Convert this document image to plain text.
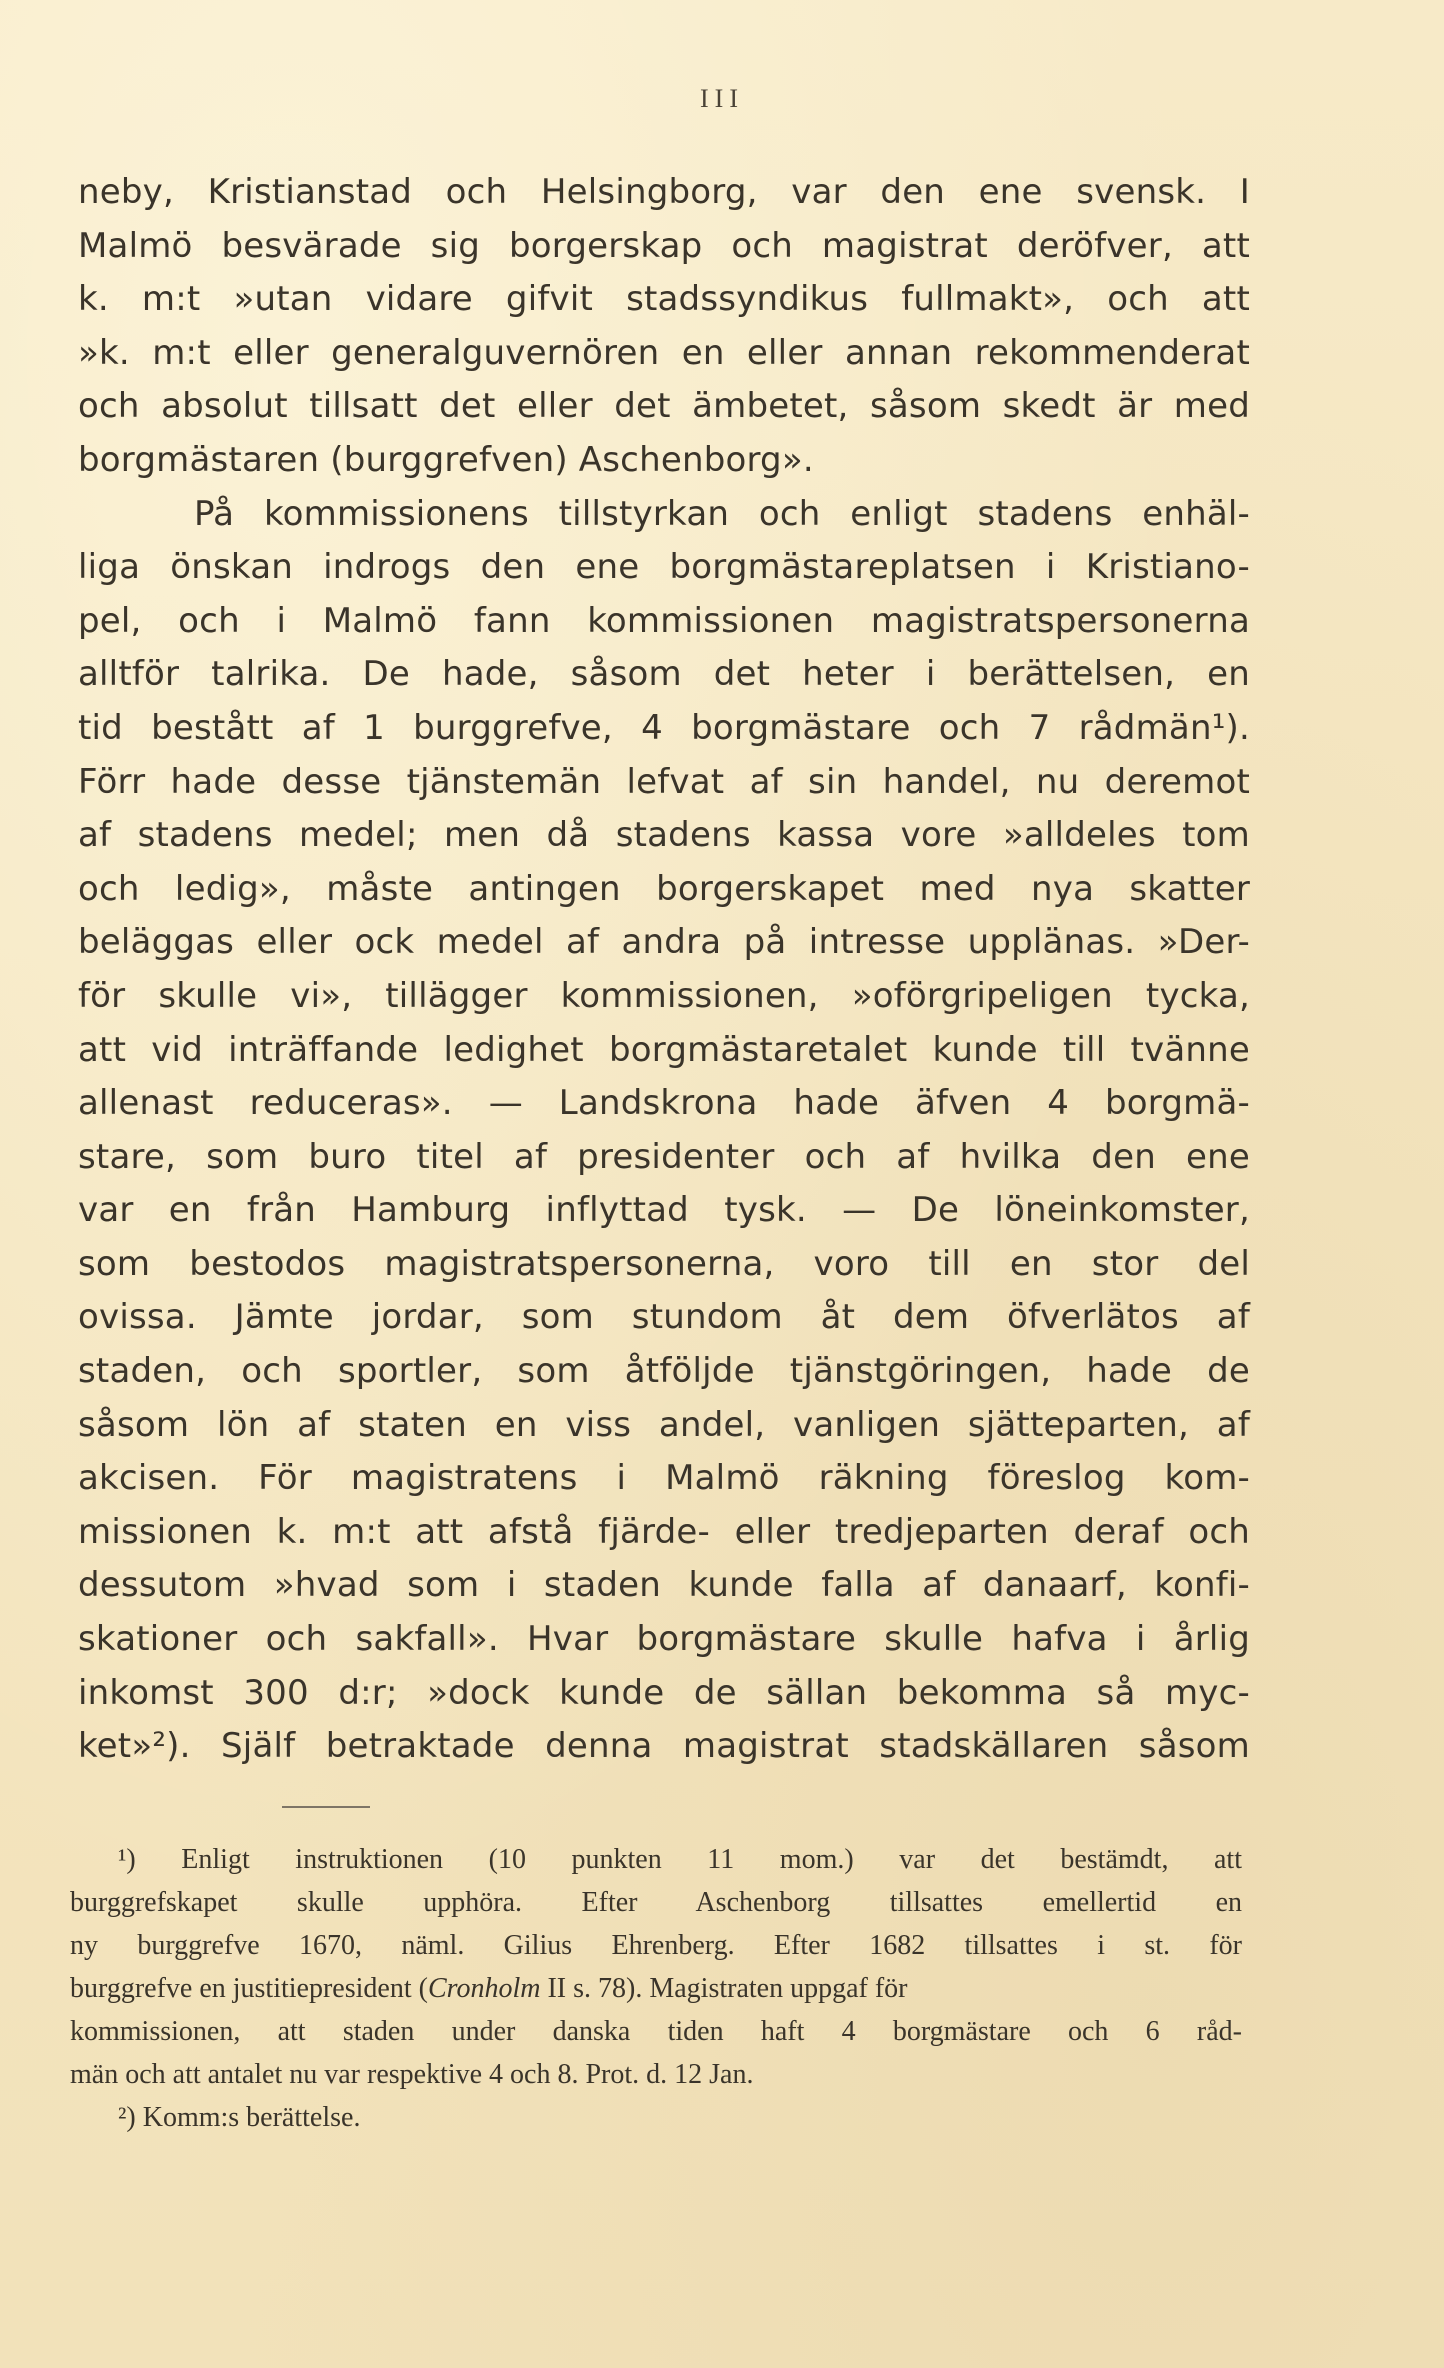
III
neby, Kristianstad och Helsingborg, var den ene svensk. I
Malmö besvärade sig borgerskap och magistrat deröfver, att
k. m:t »utan vidare gifvit stadssyndikus fullmakt», och att
»k. m:t eller generalguvernören en eller annan rekommenderat
och absolut tillsatt det eller det ämbetet, såsom skedt är med
borgmästaren (burggrefven) Aschenborg».
På kommissionens tillstyrkan och enligt stadens enhäl-
liga önskan indrogs den ene borgmästareplatsen i Kristiano-
pel, och i Malmö fann kommissionen magistratspersonerna
alltför talrika. De hade, såsom det heter i berättelsen, en
tid bestått af 1 burggrefve, 4 borgmästare och 7 rådmän¹).
Förr hade desse tjänstemän lefvat af sin handel, nu deremot
af stadens medel; men då stadens kassa vore »alldeles tom
och ledig», måste antingen borgerskapet med nya skatter
beläggas eller ock medel af andra på intresse upplänas. »Der-
för skulle vi», tillägger kommissionen, »oförgripeligen tycka,
att vid inträffande ledighet borgmästaretalet kunde till tvänne
allenast reduceras». — Landskrona hade äfven 4 borgmä-
stare, som buro titel af presidenter och af hvilka den ene
var en från Hamburg inflyttad tysk. — De löneinkomster,
som bestodos magistratspersonerna, voro till en stor del
ovissa. Jämte jordar, som stundom åt dem öfverlätos af
staden, och sportler, som åtföljde tjänstgöringen, hade de
såsom lön af staten en viss andel, vanligen sjätteparten, af
akcisen. För magistratens i Malmö räkning föreslog kom-
missionen k. m:t att afstå fjärde- eller tredjeparten deraf och
dessutom »hvad som i staden kunde falla af danaarf, konfi-
skationer och sakfall». Hvar borgmästare skulle hafva i årlig
inkomst 300 d:r; »dock kunde de sällan bekomma så myc-
ket»²). Själf betraktade denna magistrat stadskällaren såsom
¹) Enligt instruktionen (10 punkten 11 mom.) var det bestämdt, att
burggrefskapet skulle upphöra. Efter Aschenborg tillsattes emellertid en
ny burggrefve 1670, näml. Gilius Ehrenberg. Efter 1682 tillsattes i st. för
burggrefve en justitiepresident (Cronholm II s. 78). Magistraten uppgaf för
kommissionen, att staden under danska tiden haft 4 borgmästare och 6 råd-
män och att antalet nu var respektive 4 och 8. Prot. d. 12 Jan.
²) Komm:s berättelse.
